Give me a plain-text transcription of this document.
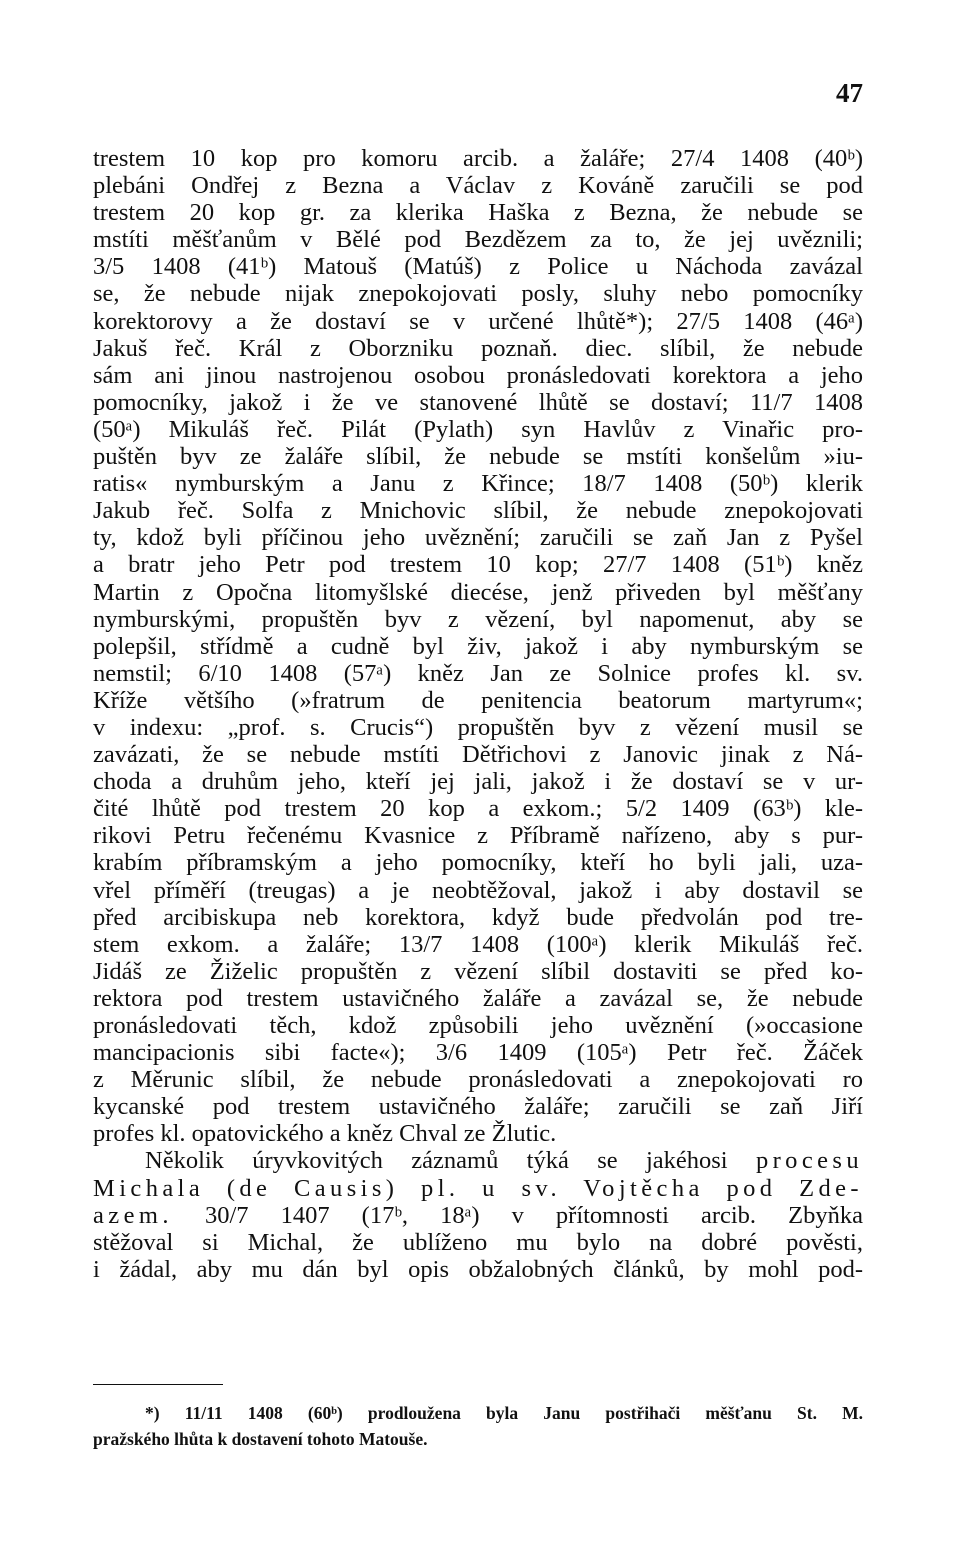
47
trestem 10 kop pro komoru arcib. a žaláře; 27/4 1408 (40ᵇ)
plebáni Ondřej z Bezna a Václav z Kováně zaručili se pod
trestem 20 kop gr. za klerika Haška z Bezna, že nebude se
mstíti měšťanům v Bělé pod Bezdězem za to, že jej uvěznili;
3/5 1408 (41ᵇ) Matouš (Matúš) z Police u Náchoda zavázal
se, že nebude nijak znepokojovati posly, sluhy nebo pomocníky
korektorovy a že dostaví se v určené lhůtě*); 27/5 1408 (46ᵃ)
Jakuš řeč. Král z Oborzniku poznaň. diec. slíbil, že nebude
sám ani jinou nastrojenou osobou pronásledovati korektora a jeho
pomocníky, jakož i že ve stanovené lhůtě se dostaví; 11/7 1408
(50ᵃ) Mikuláš řeč. Pilát (Pylath) syn Havlův z Vinařic pro-
puštěn byv ze žaláře slíbil, že nebude se mstíti konšelům »iu-
ratis« nymburským a Janu z Křince; 18/7 1408 (50ᵇ) klerik
Jakub řeč. Solfa z Mnichovic slíbil, že nebude znepokojovati
ty, kdož byli příčinou jeho uvěznění; zaručili se zaň Jan z Pyšel
a bratr jeho Petr pod trestem 10 kop; 27/7 1408 (51ᵇ) kněz
Martin z Opočna litomyšlské diecése, jenž přiveden byl měšťany
nymburskými, propuštěn byv z vězení, byl napomenut, aby se
polepšil, střídmě a cudně byl živ, jakož i aby nymburským se
nemstil; 6/10 1408 (57ᵃ) kněz Jan ze Solnice profes kl. sv.
Kříže většího (»fratrum de penitencia beatorum martyrum«;
v indexu: „prof. s. Crucis“) propuštěn byv z vězení musil se
zavázati, že se nebude mstíti Dětřichovi z Janovic jinak z Ná-
choda a druhům jeho, kteří jej jali, jakož i že dostaví se v ur-
čité lhůtě pod trestem 20 kop a exkom.; 5/2 1409 (63ᵇ) kle-
rikovi Petru řečenému Kvasnice z Příbramě nařízeno, aby s pur-
krabím příbramským a jeho pomocníky, kteří ho byli jali, uza-
vřel příměří (treugas) a je neobtěžoval, jakož i aby dostavil se
před arcibiskupa neb korektora, když bude předvolán pod tre-
stem exkom. a žaláře; 13/7 1408 (100ᵃ) klerik Mikuláš řeč.
Jidáš ze Žiželic propuštěn z vězení slíbil dostaviti se před ko-
rektora pod trestem ustavičného žaláře a zavázal se, že nebude
pronásledovati těch, kdož způsobili jeho uvěznění (»occasione
mancipacionis sibi facte«); 3/6 1409 (105ᵃ) Petr řeč. Žáček
z Měrunic slíbil, že nebude pronásledovati a znepokojovati ro
kycanské pod trestem ustavičného žaláře; zaručili se zaň Jiří
profes kl. opatovického a kněz Chval ze Žlutic.
Několik úryvkovitých záznamů týká se jakéhosi procesu
Michala (de Causis) pl. u sv. Vojtěcha pod Zde-
azem. 30/7 1407 (17ᵇ, 18ᵃ) v přítomnosti arcib. Zbyňka
stěžoval si Michal, že ublíženo mu bylo na dobré pověsti,
i žádal, aby mu dán byl opis obžalobných článků, by mohl pod-
*) 11/11 1408 (60ᵇ) prodloužena byla Janu postřihači měšťanu St. M.
pražského lhůta k dostavení tohoto Matouše.
